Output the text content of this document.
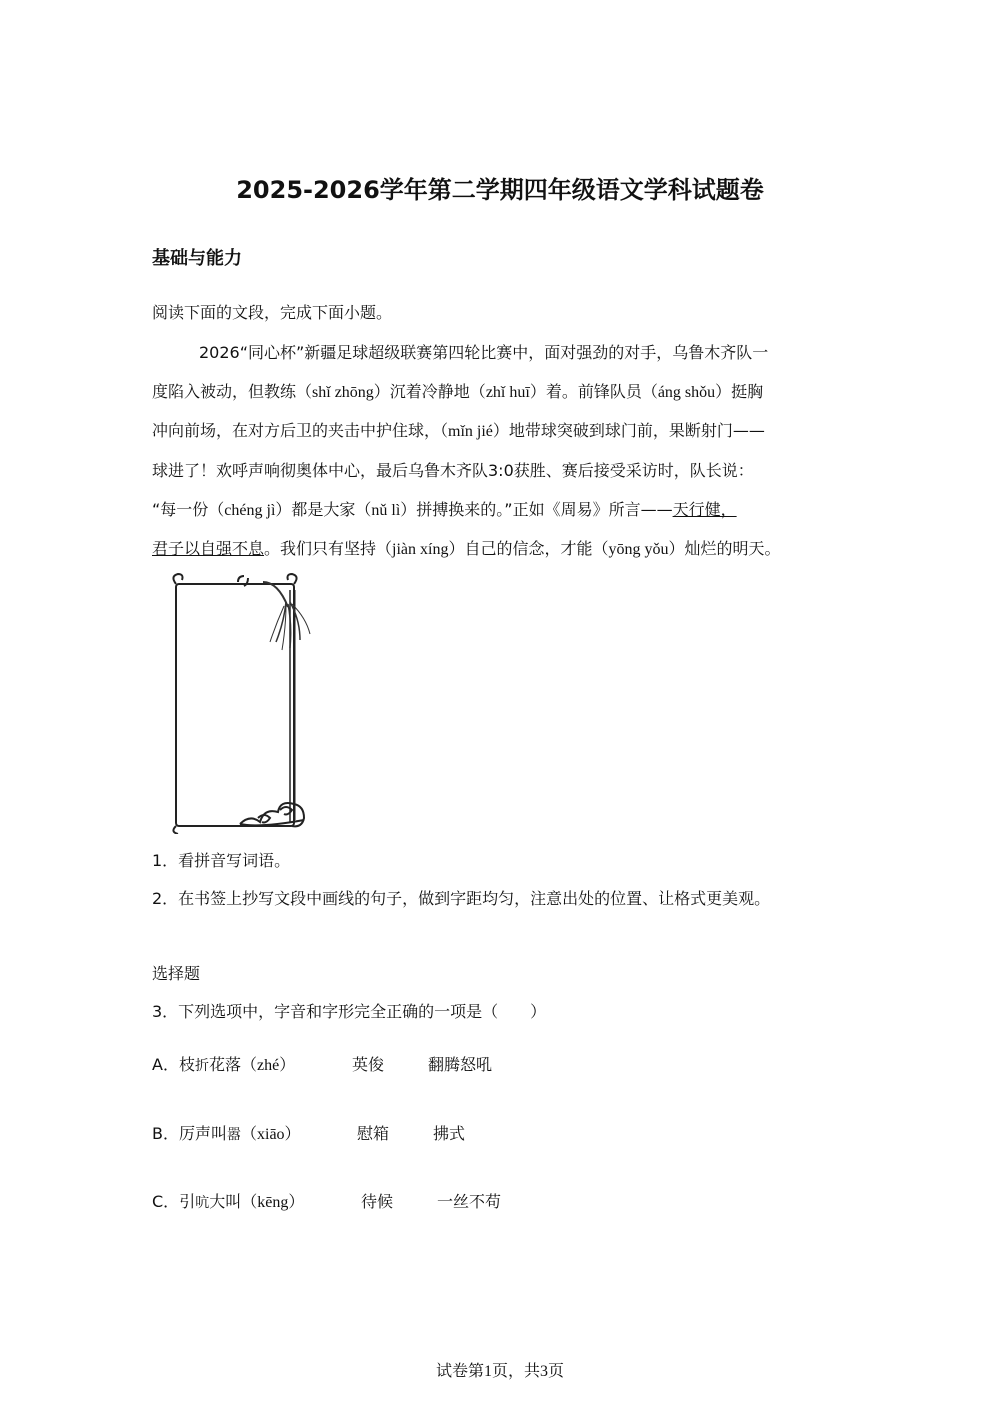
2025-2026学年第二学期四年级语文学科试题卷
基础与能力
阅读下面的文段，完成下面小题。
2026“同心杯”新疆足球超级联赛第四轮比赛中，面对强劲的对手，乌鲁木齐队一
度陷入被动，但教练（shǐ zhōng）沉着冷静地（zhǐ huī）着。前锋队员（áng shǒu）挺胸
冲向前场，在对方后卫的夹击中护住球，（mǐn jié）地带球突破到球门前，果断射门——
球进了！欢呼声响彻奥体中心，最后乌鲁木齐队3:0获胜、赛后接受采访时，队长说：
“每一份（chéng jì）都是大家（nǔ lì）拼搏换来的。”正如《周易》所言——天行健，
君子以自强不息。我们只有坚持（jiàn xíng）自己的信念，才能（yōng yǒu）灿烂的明天。
1．看拼音写词语。
2．在书签上抄写文段中画线的句子，做到字距均匀，注意出处的位置、让格式更美观。
选择题
3．下列选项中，字音和字形完全正确的一项是（　　）
A．枝折花落（zhé）	英俊	翻腾怒吼
B．厉声叫嚣（xiāo）	慰箱	拂式
C．引吭大叫（kēng）	待候	一丝不苟
试卷第1页，共3页
